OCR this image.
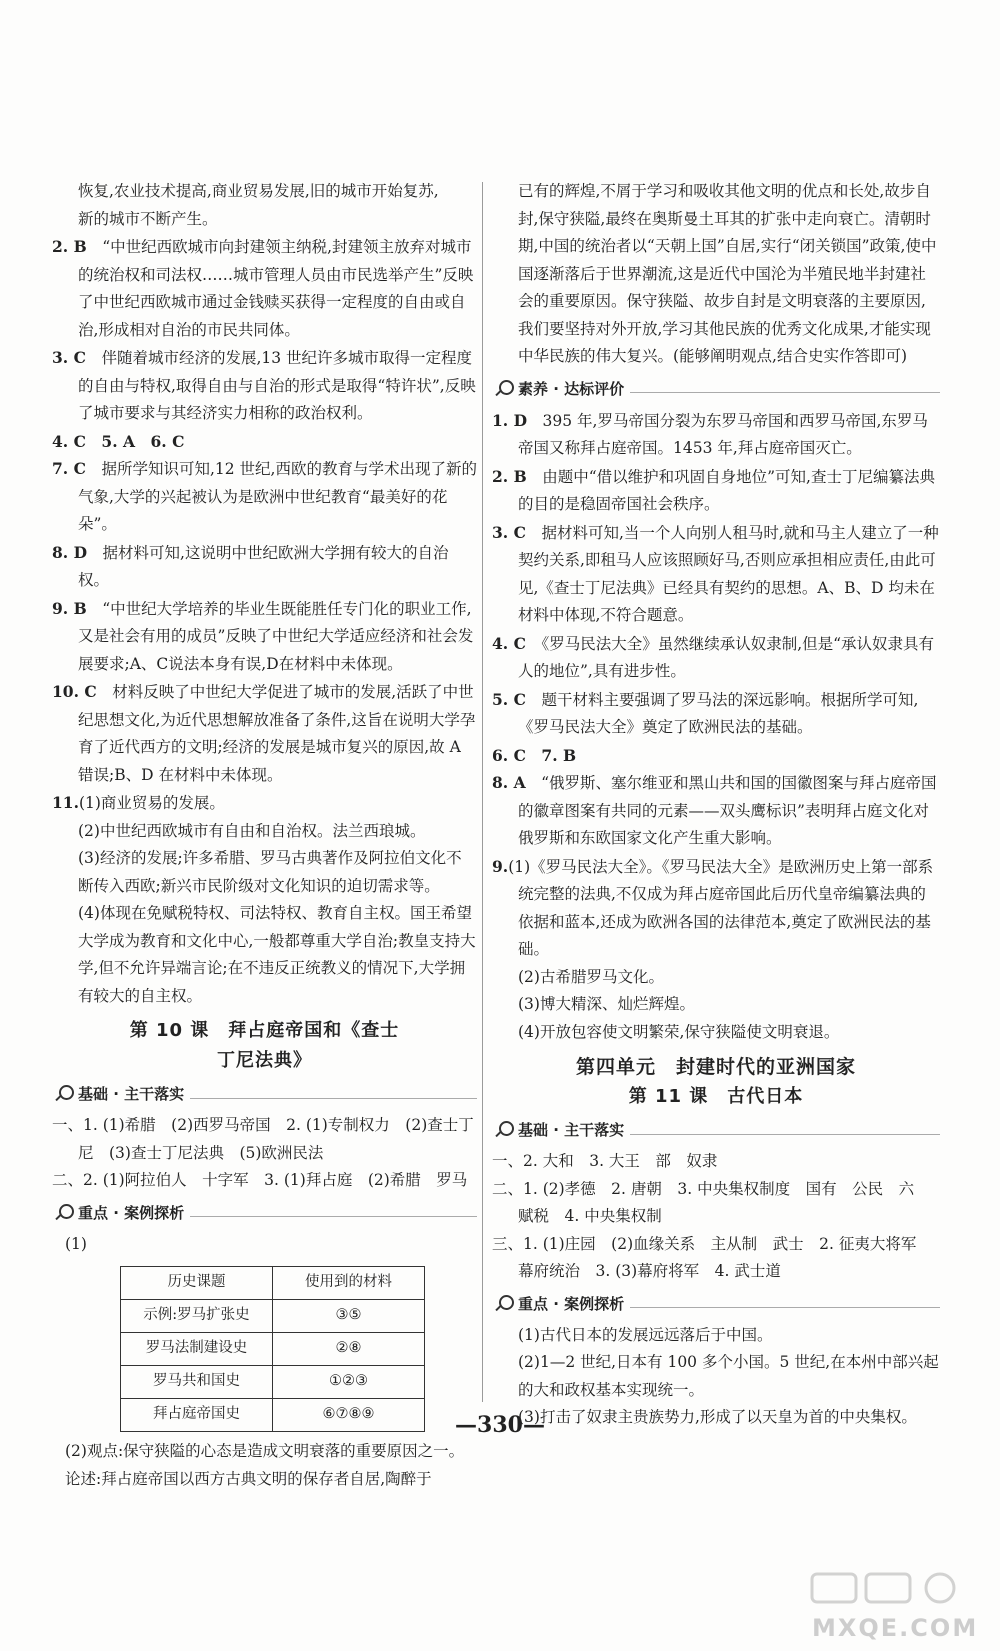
恢复,农业技术提高,商业贸易发展,旧的城市开始复苏,

新的城市不断产生。

2. B　 “中世纪西欧城市向封建领主纳税,封建领主放弃对城市的统治权和司法权……城市管理人员由市民选举产生”反映了中世纪西欧城市通过金钱赎买获得一定程度的自由或自治,形成相对自治的市民共同体。

3. C　 伴随着城市经济的发展,13 世纪许多城市取得一定程度的自由与特权,取得自由与自治的形式是取得“特许状”,反映了城市要求与其经济实力相称的政治权利。

4. C　5. A　6. C

7. C　 据所学知识可知,12 世纪,西欧的教育与学术出现了新的气象,大学的兴起被认为是欧洲中世纪教育“最美好的花朵”。

8. D　 据材料可知,这说明中世纪欧洲大学拥有较大的自治权。

9. B　 “中世纪大学培养的毕业生既能胜任专门化的职业工作,又是社会有用的成员”反映了中世纪大学适应经济和社会发展要求;A、C说法本身有误,D在材料中未体现。

10. C　 材料反映了中世纪大学促进了城市的发展,活跃了中世纪思想文化,为近代思想解放准备了条件,这旨在说明大学孕育了近代西方的文明;经济的发展是城市复兴的原因,故 A 错误;B、D 在材料中未体现。

11.(1)商业贸易的发展。

(2)中世纪西欧城市有自由和自治权。法兰西琅城。

(3)经济的发展;许多希腊、罗马古典著作及阿拉伯文化不断传入西欧;新兴市民阶级对文化知识的迫切需求等。

(4)体现在免赋税特权、司法特权、教育自主权。国王希望大学成为教育和文化中心,一般都尊重大学自治;教皇支持大学,但不允许异端言论;在不违反正统教义的情况下,大学拥有较大的自主权。

第 10 课　拜占庭帝国和《查士
丁尼法典》
基础 · 主干落实

一、1. (1)希腊　(2)西罗马帝国　2. (1)专制权力　(2)查士丁尼　(3)查士丁尼法典　(5)欧洲民法

二、2. (1)阿拉伯人　十字军　3. (1)拜占庭　(2)希腊　罗马

重点 · 案例探析

(1)

历史课题	使用到的材料
示例:罗马扩张史	③⑤
罗马法制建设史	②⑧
罗马共和国史	①②③
拜占庭帝国史	⑥⑦⑧⑨

(2)观点:保守狭隘的心态是造成文明衰落的重要原因之一。

论述:拜占庭帝国以西方古典文明的保存者自居,陶醉于

已有的辉煌,不屑于学习和吸收其他文明的优点和长处,故步自封,保守狭隘,最终在奥斯曼土耳其的扩张中走向衰亡。清朝时期,中国的统治者以“天朝上国”自居,实行“闭关锁国”政策,使中国逐渐落后于世界潮流,这是近代中国沦为半殖民地半封建社会的重要原因。保守狭隘、故步自封是文明衰落的主要原因,我们要坚持对外开放,学习其他民族的优秀文化成果,才能实现中华民族的伟大复兴。(能够阐明观点,结合史实作答即可)

素养 · 达标评价

1. D　 395 年,罗马帝国分裂为东罗马帝国和西罗马帝国,东罗马帝国又称拜占庭帝国。1453 年,拜占庭帝国灭亡。

2. B　 由题中“借以维护和巩固自身地位”可知,查士丁尼编纂法典的目的是稳固帝国社会秩序。

3. C　 据材料可知,当一个人向别人租马时,就和马主人建立了一种契约关系,即租马人应该照顾好马,否则应承担相应责任,由此可见,《查士丁尼法典》已经具有契约的思想。A、B、D 均未在材料中体现,不符合题意。

4. C　 《罗马民法大全》虽然继续承认奴隶制,但是“承认奴隶具有人的地位”,具有进步性。

5. C　 题干材料主要强调了罗马法的深远影响。根据所学可知,《罗马民法大全》奠定了欧洲民法的基础。

6. C　7. B

8. A　 “俄罗斯、塞尔维亚和黑山共和国的国徽图案与拜占庭帝国的徽章图案有共同的元素——双头鹰标识”表明拜占庭文化对俄罗斯和东欧国家文化产生重大影响。

9.(1)《罗马民法大全》。《罗马民法大全》是欧洲历史上第一部系统完整的法典,不仅成为拜占庭帝国此后历代皇帝编纂法典的依据和蓝本,还成为欧洲各国的法律范本,奠定了欧洲民法的基础。

(2)古希腊罗马文化。

(3)博大精深、灿烂辉煌。

(4)开放包容使文明繁荣,保守狭隘使文明衰退。

第四单元　封建时代的亚洲国家
第 11 课　古代日本
基础 · 主干落实

一、2. 大和　3. 大王　部　奴隶

二、1. (2)孝德　2. 唐朝　3. 中央集权制度　国有　公民　六　赋税　4. 中央集权制

三、1. (1)庄园　(2)血缘关系　主从制　武士　2. 征夷大将军　幕府统治　3. (3)幕府将军　4. 武士道

重点 · 案例探析

(1)古代日本的发展远远落后于中国。

(2)1—2 世纪,日本有 100 多个小国。5 世纪,在本州中部兴起的大和政权基本实现统一。

(3)打击了奴隶主贵族势力,形成了以天皇为首的中央集权。

—330—
MXQE.COM
